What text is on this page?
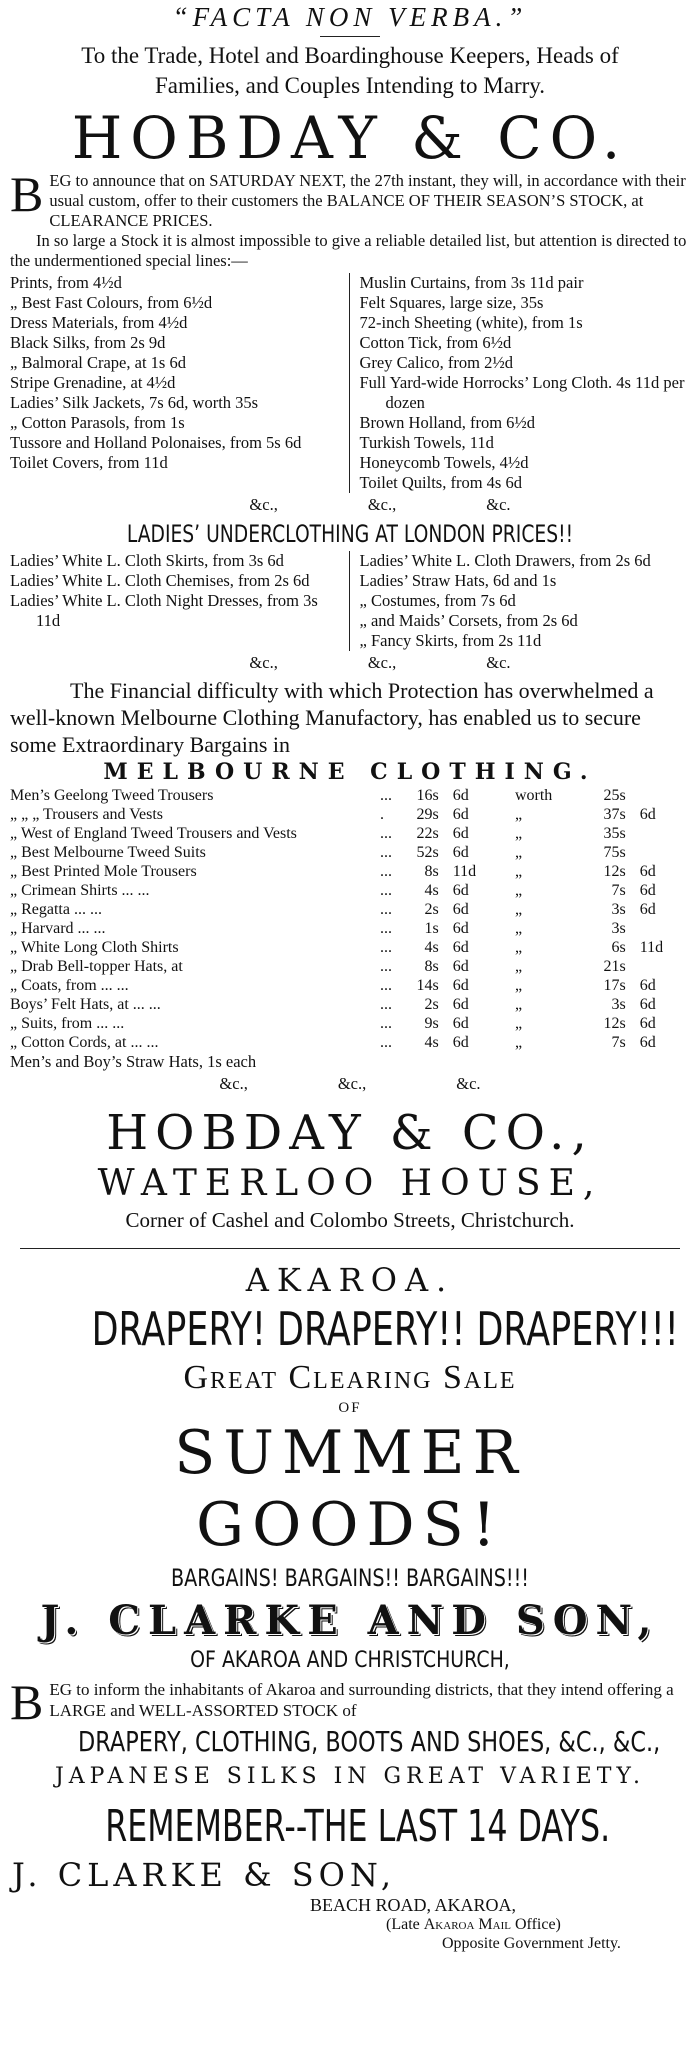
“FACTA NON VERBA.”
To the Trade, Hotel and Boardinghouse Keepers, Heads of
Families, and Couples Intending to Marry.
HOBDAY & CO.
B EG to announce that on SATURDAY NEXT, the 27th instant, they will, in accordance with their usual custom, offer to their customers the BALANCE OF THEIR SEASON’S STOCK, at CLEARANCE PRICES.
In so large a Stock it is almost impossible to give a reliable detailed list, but attention is directed to the undermentioned special lines:—
Prints, from 4½d
„ Best Fast Colours, from 6½d
Dress Materials, from 4½d
Black Silks, from 2s 9d
„ Balmoral Crape, at 1s 6d
Stripe Grenadine, at 4½d
Ladies’ Silk Jackets, 7s 6d, worth 35s
„ Cotton Parasols, from 1s
Tussore and Holland Polonaises, from 5s 6d
Toilet Covers, from 11d
Muslin Curtains, from 3s 11d pair
Felt Squares, large size, 35s
72-inch Sheeting (white), from 1s
Cotton Tick, from 6½d
Grey Calico, from 2½d
Full Yard-wide Horrocks’ Long Cloth. 4s 11d per dozen
Brown Holland, from 6½d
Turkish Towels, 11d
Honeycomb Towels, 4½d
Toilet Quilts, from 4s 6d
&c.,	&c.,	&c.
LADIES’ UNDERCLOTHING AT LONDON PRICES!!
Ladies’ White L. Cloth Skirts, from 3s 6d
Ladies’ White L. Cloth Chemises, from 2s 6d
Ladies’ White L. Cloth Night Dresses, from 3s 11d
Ladies’ White L. Cloth Drawers, from 2s 6d
Ladies’ Straw Hats, 6d and 1s
„ Costumes, from 7s 6d
„ and Maids’ Corsets, from 2s 6d
„ Fancy Skirts, from 2s 11d
&c.,	&c.,	&c.
The Financial difficulty with which Protection has overwhelmed a well-known Melbourne Clothing Manufactory, has enabled us to secure some Extraordinary Bargains in
MELBOURNE CLOTHING.
Men’s Geelong Tweed Trousers	...	16s	6d	worth	25s	
„ „ „ Trousers and Vests	.	29s	6d	„	37s	6d
„ West of England Tweed Trousers and Vests	...	22s	6d	„	35s	
„ Best Melbourne Tweed Suits	...	52s	6d	„	75s	
„ Best Printed Mole Trousers	...	8s	11d	„	12s	6d
„ Crimean Shirts ... ...	...	4s	6d	„	7s	6d
„ Regatta ... ...	...	2s	6d	„	3s	6d
„ Harvard ... ...	...	1s	6d	„	3s	
„ White Long Cloth Shirts	...	4s	6d	„	6s	11d
„ Drab Bell-topper Hats, at	...	8s	6d	„	21s	
„ Coats, from ... ...	...	14s	6d	„	17s	6d
Boys’ Felt Hats, at ... ...	...	2s	6d	„	3s	6d
„ Suits, from ... ...	...	9s	6d	„	12s	6d
„ Cotton Cords, at ... ...	...	4s	6d	„	7s	6d
Men’s and Boy’s Straw Hats, 1s each
&c.,	&c.,	&c.
HOBDAY & CO.,
WATERLOO HOUSE,
Corner of Cashel and Colombo Streets, Christchurch.
AKAROA.
DRAPERY! DRAPERY!! DRAPERY!!!
Great Clearing Sale
OF
SUMMER GOODS!
BARGAINS! BARGAINS!! BARGAINS!!!
J. CLARKE AND SON,
OF AKAROA AND CHRISTCHURCH,
B EG to inform the inhabitants of Akaroa and surrounding districts, that they intend offering a LARGE and WELL-ASSORTED STOCK of
DRAPERY, CLOTHING, BOOTS AND SHOES, &C., &C.,
JAPANESE SILKS IN GREAT VARIETY.
REMEMBER--THE LAST 14 DAYS.
J. CLARKE & SON,
BEACH ROAD, AKAROA,
(Late Akaroa Mail Office)
Opposite Government Jetty.
